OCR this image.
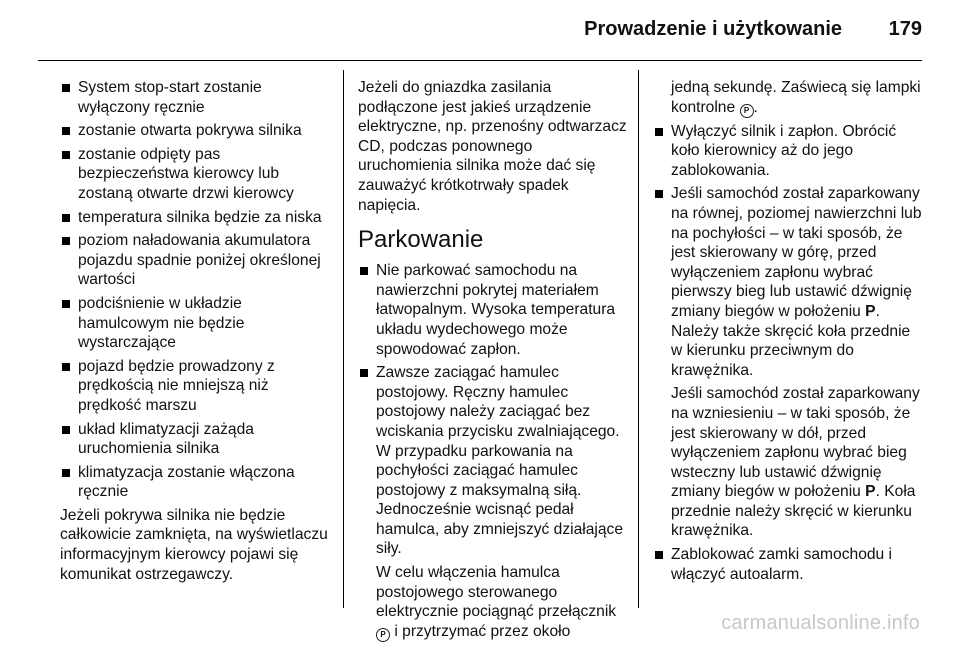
Prowadzenie i użytkowanie 179
System stop-start zostanie wyłączony ręcznie
zostanie otwarta pokrywa silnika
zostanie odpięty pas bezpieczeństwa kierowcy lub zostaną otwarte drzwi kierowcy
temperatura silnika będzie za niska
poziom naładowania akumulatora pojazdu spadnie poniżej określonej wartości
podciśnienie w układzie hamulcowym nie będzie wystarczające
pojazd będzie prowadzony z prędkością nie mniejszą niż prędkość marszu
układ klimatyzacji zażąda uruchomienia silnika
klimatyzacja zostanie włączona ręcznie
Jeżeli pokrywa silnika nie będzie całkowicie zamknięta, na wyświetlaczu informacyjnym kierowcy pojawi się komunikat ostrzegawczy.
Jeżeli do gniazdka zasilania podłączone jest jakieś urządzenie elektryczne, np. przenośny odtwarzacz CD, podczas ponownego uruchomienia silnika może dać się zauważyć krótkotrwały spadek napięcia.
Parkowanie
Nie parkować samochodu na nawierzchni pokrytej materiałem łatwopalnym. Wysoka temperatura układu wydechowego może spowodować zapłon.
Zawsze zaciągać hamulec postojowy. Ręczny hamulec postojowy należy zaciągać bez wciskania przycisku zwalniającego. W przypadku parkowania na pochyłości zaciągać hamulec postojowy z maksymalną siłą. Jednocześnie wcisnąć pedał hamulca, aby zmniejszyć działające siły.
W celu włączenia hamulca postojowego sterowanego elektrycznie pociągnąć przełącznik P i przytrzymać przez około
jedną sekundę. Zaświecą się lampki kontrolne P .
Wyłączyć silnik i zapłon. Obrócić koło kierownicy aż do jego zablokowania.
Jeśli samochód został zaparkowany na równej, poziomej nawierzchni lub na pochyłości – w taki sposób, że jest skierowany w górę, przed wyłączeniem zapłonu wybrać pierwszy bieg lub ustawić dźwignię zmiany biegów w położeniu P. Należy także skręcić koła przednie w kierunku przeciwnym do krawężnika.
Jeśli samochód został zaparkowany na wzniesieniu – w taki sposób, że jest skierowany w dół, przed wyłączeniem zapłonu wybrać bieg wsteczny lub ustawić dźwignię zmiany biegów w położeniu P. Koła przednie należy skręcić w kierunku krawężnika.
Zablokować zamki samochodu i włączyć autoalarm.
carmanualsonline.info
